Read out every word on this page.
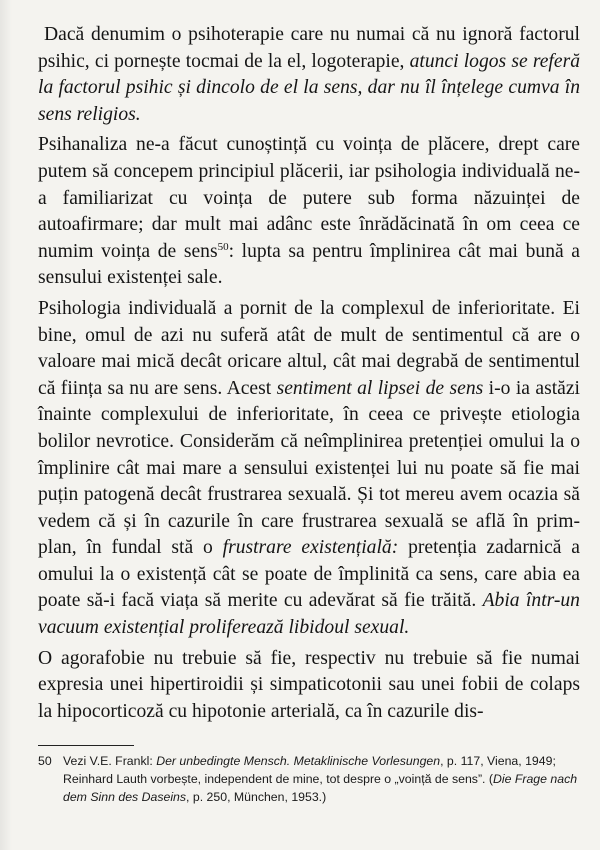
Dacă denumim o psihoterapie care nu numai că nu ignoră factorul psihic, ci pornește tocmai de la el, logoterapie, atunci logos se referă la factorul psihic și dincolo de el la sens, dar nu îl înțelege cumva în sens religios.

Psihanaliza ne-a făcut cunoștință cu voința de plăcere, drept care putem să concepem principiul plăcerii, iar psihologia individuală ne-a familiarizat cu voința de putere sub forma năzuinței de autoafirmare; dar mult mai adânc este înrădăcinată în om ceea ce numim voința de sens$^{50}$: lupta sa pentru împlinirea cât mai bună a sensului existenței sale.

Psihologia individuală a pornit de la complexul de inferioritate. Ei bine, omul de azi nu suferă atât de mult de sentimentul că are o valoare mai mică decât oricare altul, cât mai degrabă de sentimentul că ființa sa nu are sens. Acest sentiment al lipsei de sens i-o ia astăzi înainte complexului de inferioritate, în ceea ce privește etiologia bolilor nevrotice. Considerăm că neîmplinirea pretenției omului la o împlinire cât mai mare a sensului existenței lui nu poate să fie mai puțin patogenă decât frustrarea sexuală. Și tot mereu avem ocazia să vedem că și în cazurile în care frustrarea sexuală se află în prim-plan, în fundal stă o frustrare existențială: pretenția zadarnică a omului la o existență cât se poate de împlinită ca sens, care abia ea poate să-i facă viața să merite cu adevărat să fie trăită. Abia într-un vacuum existențial proliferează libidoul sexual.

O agorafobie nu trebuie să fie, respectiv nu trebuie să fie numai expresia unei hipertiroidii și simpaticotonii sau unei fobii de colaps la hipocorticoză cu hipotonie arterială, ca în cazurile dis-

50 Vezi V.E. Frankl: Der unbedingte Mensch. Metaklinische Vorlesungen, p. 117, Viena, 1949; Reinhard Lauth vorbește, independent de mine, tot despre o „voință de sens”. (Die Frage nach dem Sinn des Daseins, p. 250, München, 1953.)
